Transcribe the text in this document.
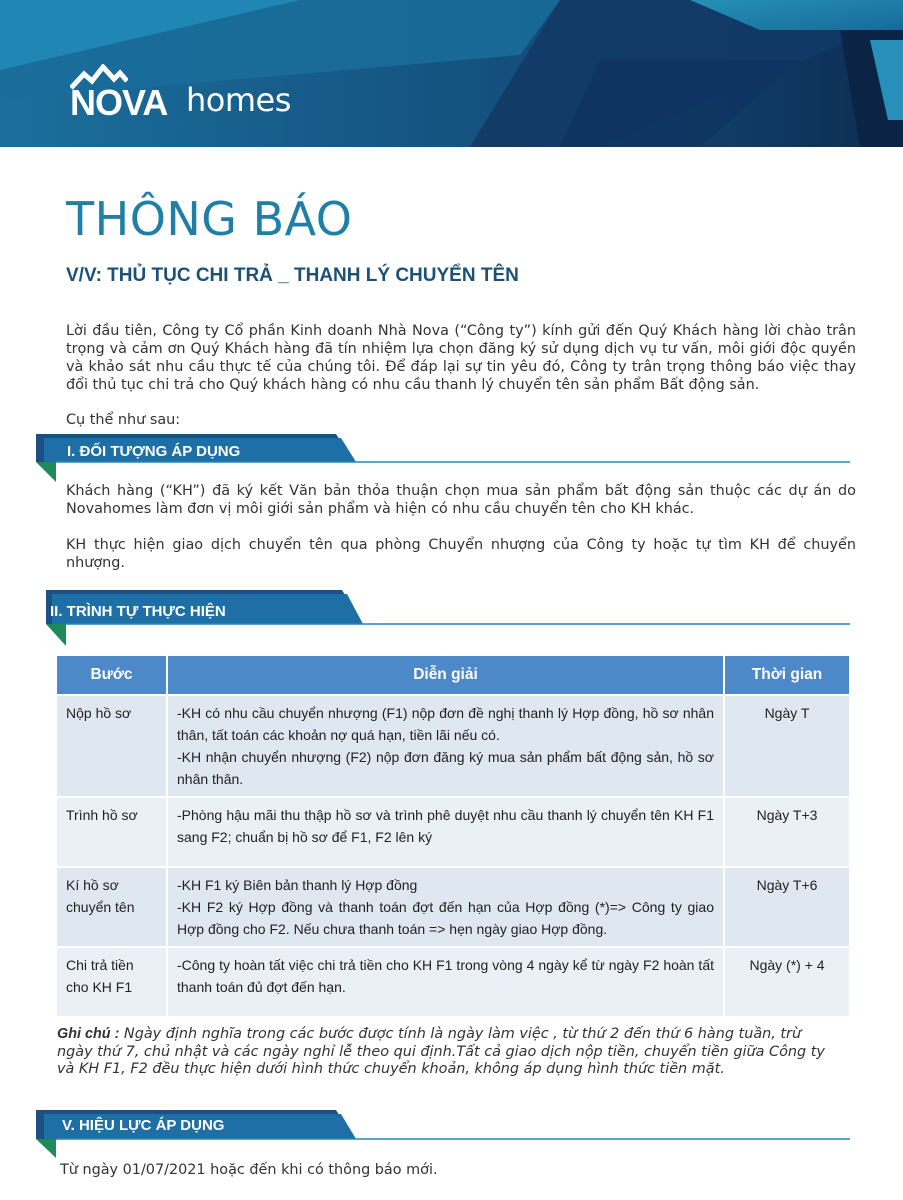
NOVA homes
THÔNG BÁO
V/V: THỦ TỤC CHI TRẢ _ THANH LÝ CHUYỂN TÊN

Lời đầu tiên, Công ty Cổ phần Kinh doanh Nhà Nova (“Công ty”) kính gửi đến Quý Khách hàng lời chào trân trọng và cảm ơn Quý Khách hàng đã tín nhiệm lựa chọn đăng ký sử dụng dịch vụ tư vấn, môi giới độc quyền và khảo sát nhu cầu thực tế của chúng tôi. Để đáp lại sự tin yêu đó, Công ty trân trọng thông báo việc thay đổi thủ tục chi trả cho Quý khách hàng có nhu cầu thanh lý chuyển tên sản phẩm Bất động sản.

Cụ thể như sau:

I. ĐỐI TƯỢNG ÁP DỤNG

Khách hàng (“KH”) đã ký kết Văn bản thỏa thuận chọn mua sản phẩm bất động sản thuộc các dự án do Novahomes làm đơn vị môi giới sản phẩm và hiện có nhu cầu chuyển tên cho KH khác.

KH thực hiện giao dịch chuyển tên qua phòng Chuyển nhượng của Công ty hoặc tự tìm KH để chuyển nhượng.

II. TRÌNH TỰ THỰC HIỆN
Bước	Diễn giải	Thời gian
Nộp hồ sơ	-KH có nhu cầu chuyển nhượng (F1) nộp đơn đề nghị thanh lý Hợp đồng, hồ sơ nhân thân, tất toán các khoản nợ quá hạn, tiền lãi nếu có.
-KH nhận chuyển nhượng (F2) nộp đơn đăng ký mua sản phẩm bất động sản, hồ sơ nhân thân.	Ngày T
Trình hồ sơ	-Phòng hậu mãi thu thập hồ sơ và trình phê duyệt nhu cầu thanh lý chuyển tên KH F1 sang F2; chuẩn bị hồ sơ để F1, F2 lên ký	Ngày T+3
Kí hồ sơ chuyển tên	-KH F1 ký Biên bản thanh lý Hợp đồng
-KH F2 ký Hợp đồng và thanh toán đợt đến hạn của Hợp đồng (*)=> Công ty giao Hợp đồng cho F2. Nếu chưa thanh toán => hẹn ngày giao Hợp đồng.	Ngày T+6
Chi trả tiền cho KH F1	-Công ty hoàn tất việc chi trả tiền cho KH F1 trong vòng 4 ngày kể từ ngày F2 hoàn tất thanh toán đủ đợt đến hạn.	Ngày (*) + 4

Ghi chú : Ngày định nghĩa trong các bước được tính là ngày làm việc , từ thứ 2 đến thứ 6 hàng tuần, trừ ngày thứ 7, chủ nhật và các ngày nghỉ lễ theo qui định.Tất cả giao dịch nộp tiền, chuyển tiền giữa Công ty và KH F1, F2 đều thực hiện dưới hình thức chuyển khoản, không áp dụng hình thức tiền mặt.

V. HIỆU LỰC ÁP DỤNG

Từ ngày 01/07/2021 hoặc đến khi có thông báo mới.
